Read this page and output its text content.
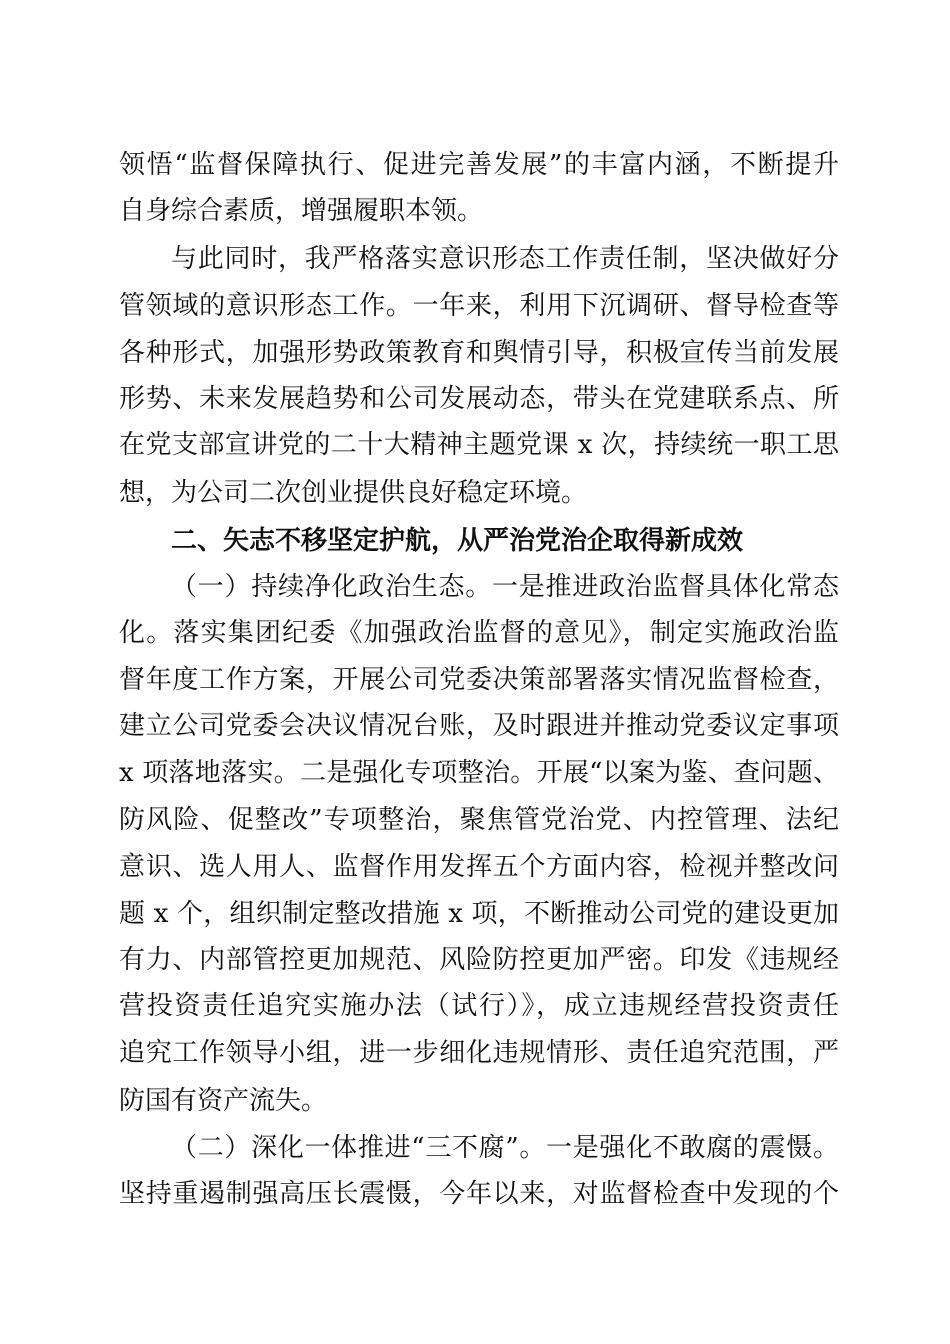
领悟“监督保障执行、促进完善发展”的丰富内涵，不断提升
自身综合素质，增强履职本领。
与此同时，我严格落实意识形态工作责任制，坚决做好分
管领域的意识形态工作。一年来，利用下沉调研、督导检查等
各种形式，加强形势政策教育和舆情引导，积极宣传当前发展
形势、未来发展趋势和公司发展动态，带头在党建联系点、所
在党支部宣讲党的二十大精神主题党课 x 次，持续统一职工思
想，为公司二次创业提供良好稳定环境。
二、矢志不移坚定护航，从严治党治企取得新成效
（一）持续净化政治生态。一是推进政治监督具体化常态
化。落实集团纪委《加强政治监督的意见》，制定实施政治监
督年度工作方案，开展公司党委决策部署落实情况监督检查，
建立公司党委会决议情况台账，及时跟进并推动党委议定事项
x 项落地落实。二是强化专项整治。开展“以案为鉴、查问题、
防风险、促整改”专项整治，聚焦管党治党、内控管理、法纪
意识、选人用人、监督作用发挥五个方面内容，检视并整改问
题 x 个，组织制定整改措施 x 项，不断推动公司党的建设更加
有力、内部管控更加规范、风险防控更加严密。印发《违规经
营投资责任追究实施办法（试行）》，成立违规经营投资责任
追究工作领导小组，进一步细化违规情形、责任追究范围，严
防国有资产流失。
（二）深化一体推进“三不腐”。一是强化不敢腐的震慑。
坚持重遏制强高压长震慑，今年以来，对监督检查中发现的个
